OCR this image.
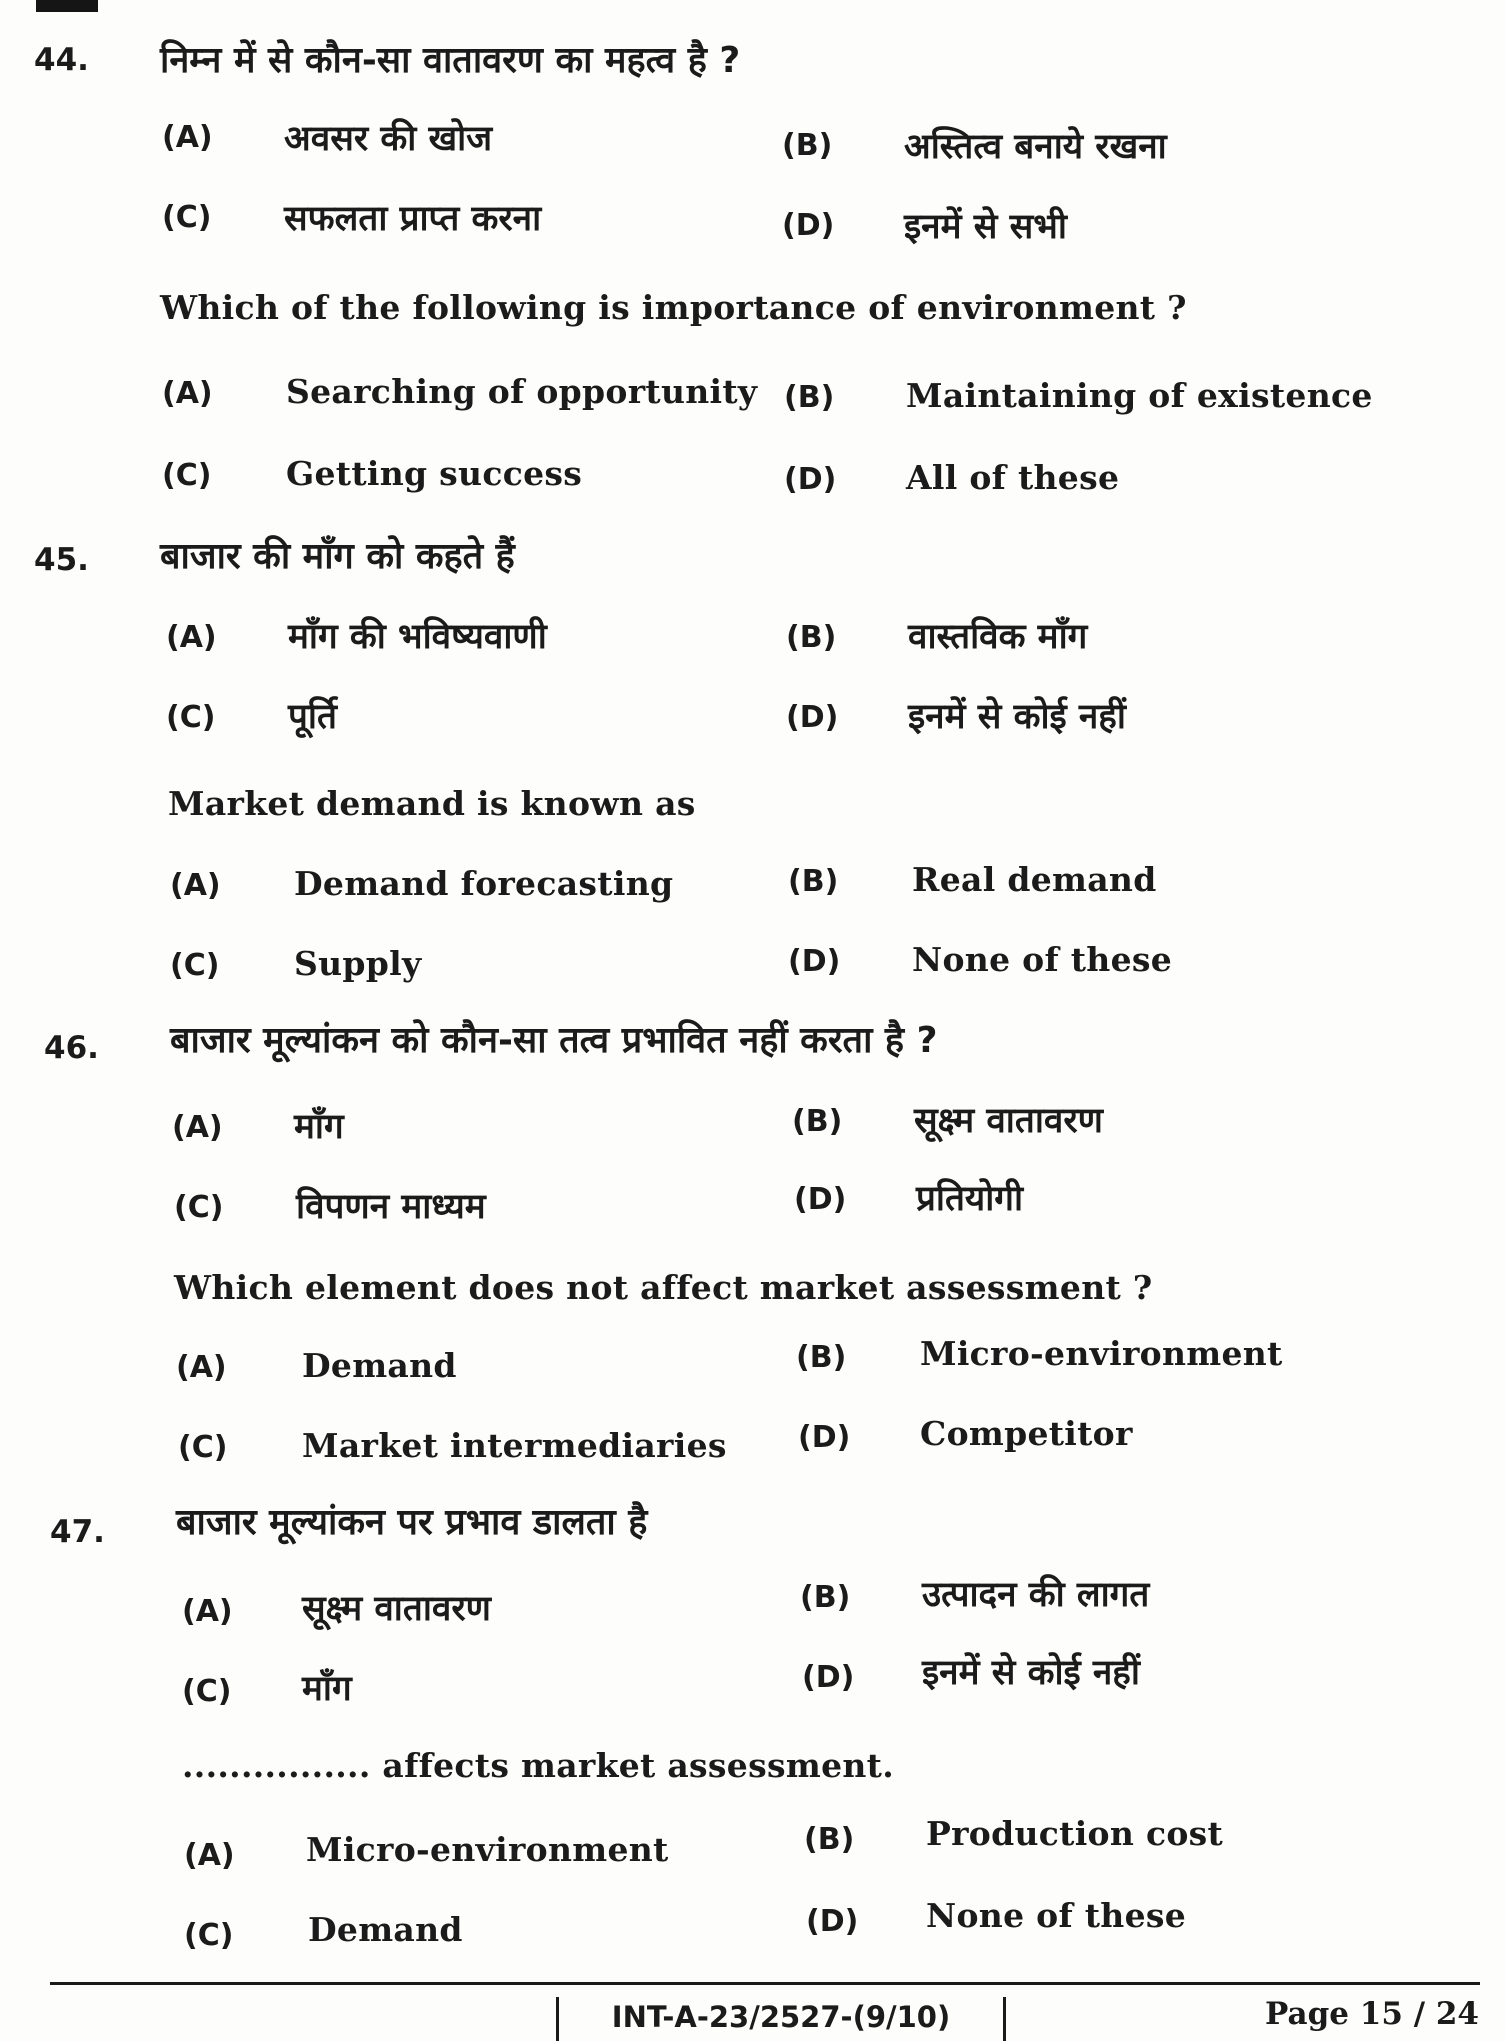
44. निम्न में से कौन-सा वातावरण का महत्व है ?
(A) अवसर की खोज	(B) अस्तित्व बनाये रखना
(C) सफलता प्राप्त करना	(D) इनमें से सभी
Which of the following is importance of environment ?
(A) Searching of opportunity (B) Maintaining of existence
(C) Getting success	(D) All of these
45. बाजार की माँग को कहते हैं
(A) माँग की भविष्यवाणी	(B) वास्तविक माँग
(C) पूर्ति	(D) इनमें से कोई नहीं
Market demand is known as
(A) Demand forecasting	(B) Real demand
(C) Supply	(D) None of these
46. बाजार मूल्यांकन को कौन-सा तत्व प्रभावित नहीं करता है ?
(A) माँग	(B) सूक्ष्म वातावरण
(C) विपणन माध्यम	(D) प्रतियोगी
Which element does not affect market assessment ?
(A) Demand	(B) Micro-environment
(C) Market intermediaries (D) Competitor
47. बाजार मूल्यांकन पर प्रभाव डालता है
(A) सूक्ष्म वातावरण	(B) उत्पादन की लागत
(C) माँग	(D) इनमें से कोई नहीं
................ affects market assessment.
(A) Micro-environment	(B) Production cost
(C) Demand	(D) None of these
INT-A-23/2527-(9/10)	Page 15 / 24
